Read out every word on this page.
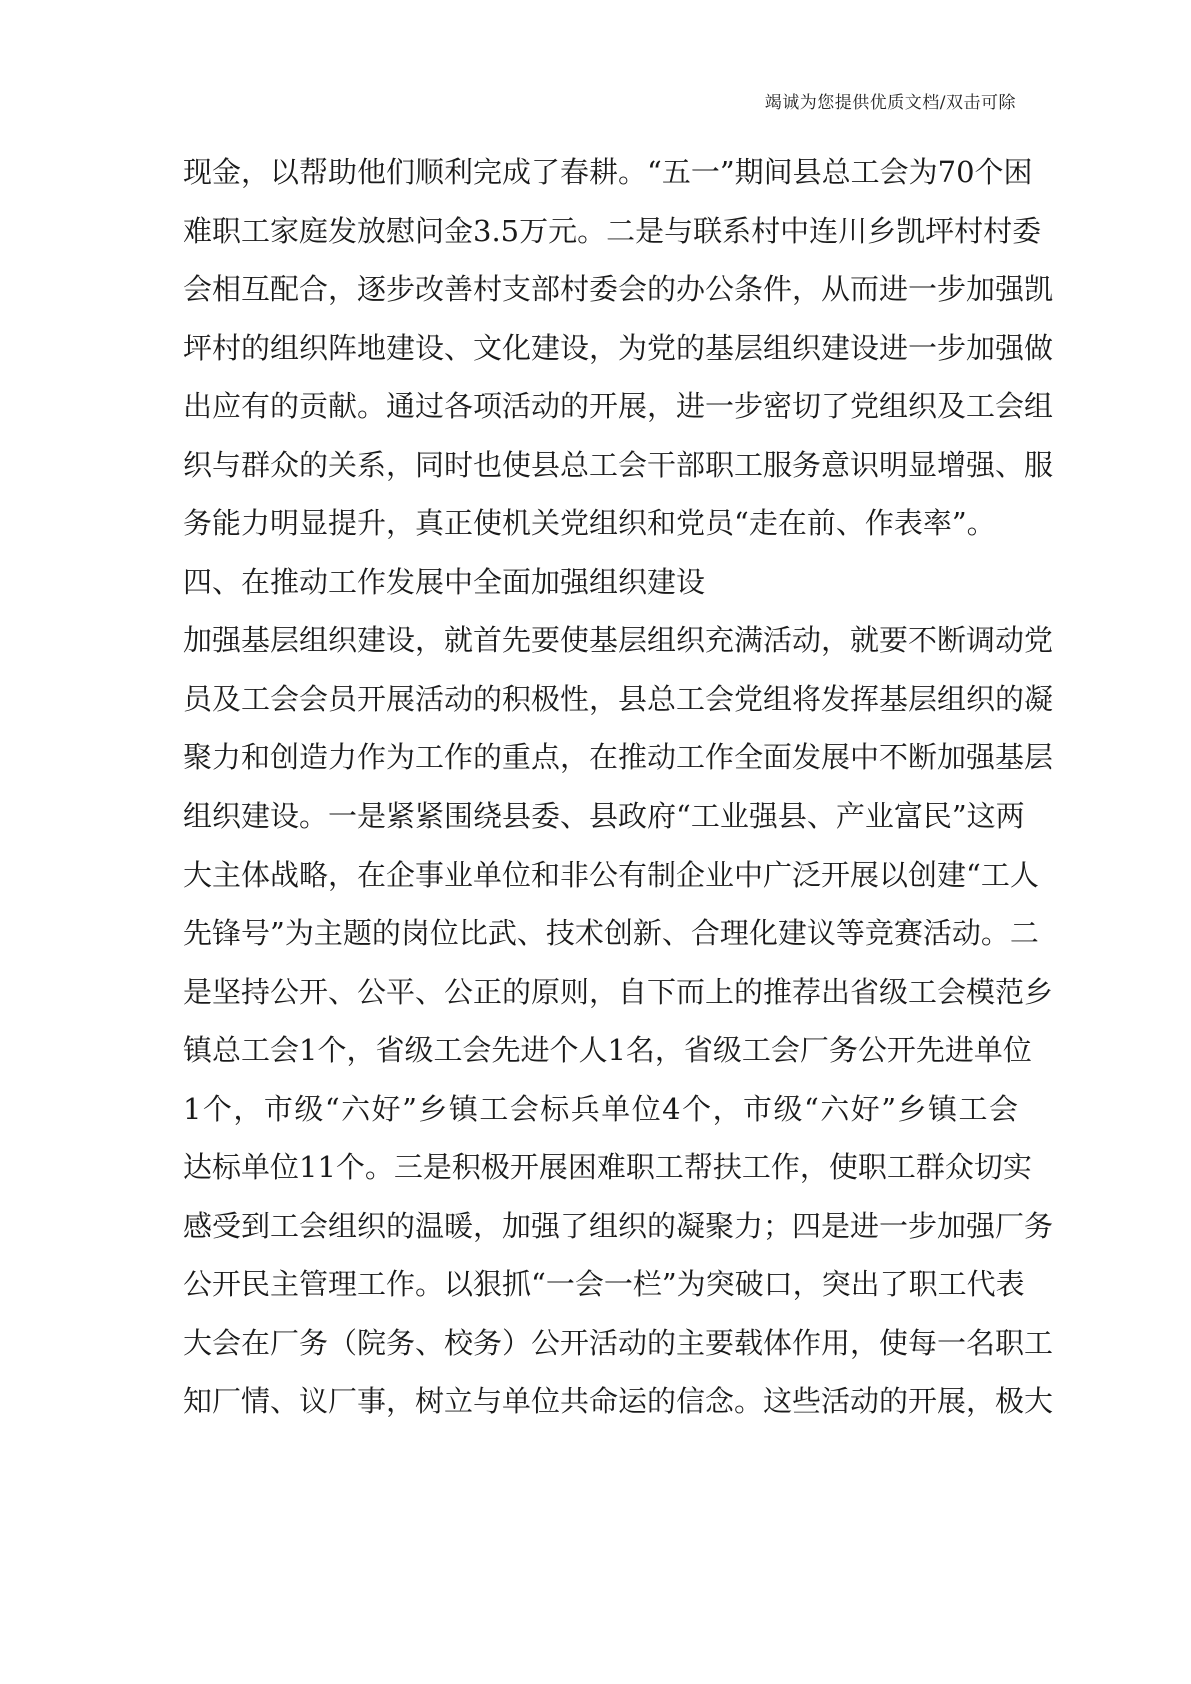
竭诚为您提供优质文档/双击可除
现金，以帮助他们顺利完成了春耕。“五一”期间县总工会为70个困
难职工家庭发放慰问金3.5万元。二是与联系村中连川乡凯坪村村委
会相互配合，逐步改善村支部村委会的办公条件，从而进一步加强凯
坪村的组织阵地建设、文化建设，为党的基层组织建设进一步加强做
出应有的贡献。通过各项活动的开展，进一步密切了党组织及工会组
织与群众的关系，同时也使县总工会干部职工服务意识明显增强、服
务能力明显提升，真正使机关党组织和党员“走在前、作表率”。
四、在推动工作发展中全面加强组织建设
加强基层组织建设，就首先要使基层组织充满活动，就要不断调动党
员及工会会员开展活动的积极性，县总工会党组将发挥基层组织的凝
聚力和创造力作为工作的重点，在推动工作全面发展中不断加强基层
组织建设。一是紧紧围绕县委、县政府“工业强县、产业富民”这两
大主体战略，在企事业单位和非公有制企业中广泛开展以创建“工人
先锋号”为主题的岗位比武、技术创新、合理化建议等竞赛活动。二
是坚持公开、公平、公正的原则，自下而上的推荐出省级工会模范乡
镇总工会1个，省级工会先进个人1名，省级工会厂务公开先进单位
1个，市级“六好”乡镇工会标兵单位4个，市级“六好”乡镇工会
达标单位11个。三是积极开展困难职工帮扶工作，使职工群众切实
感受到工会组织的温暖，加强了组织的凝聚力；四是进一步加强厂务
公开民主管理工作。以狠抓“一会一栏”为突破口，突出了职工代表
大会在厂务（院务、校务）公开活动的主要载体作用，使每一名职工
知厂情、议厂事，树立与单位共命运的信念。这些活动的开展，极大
